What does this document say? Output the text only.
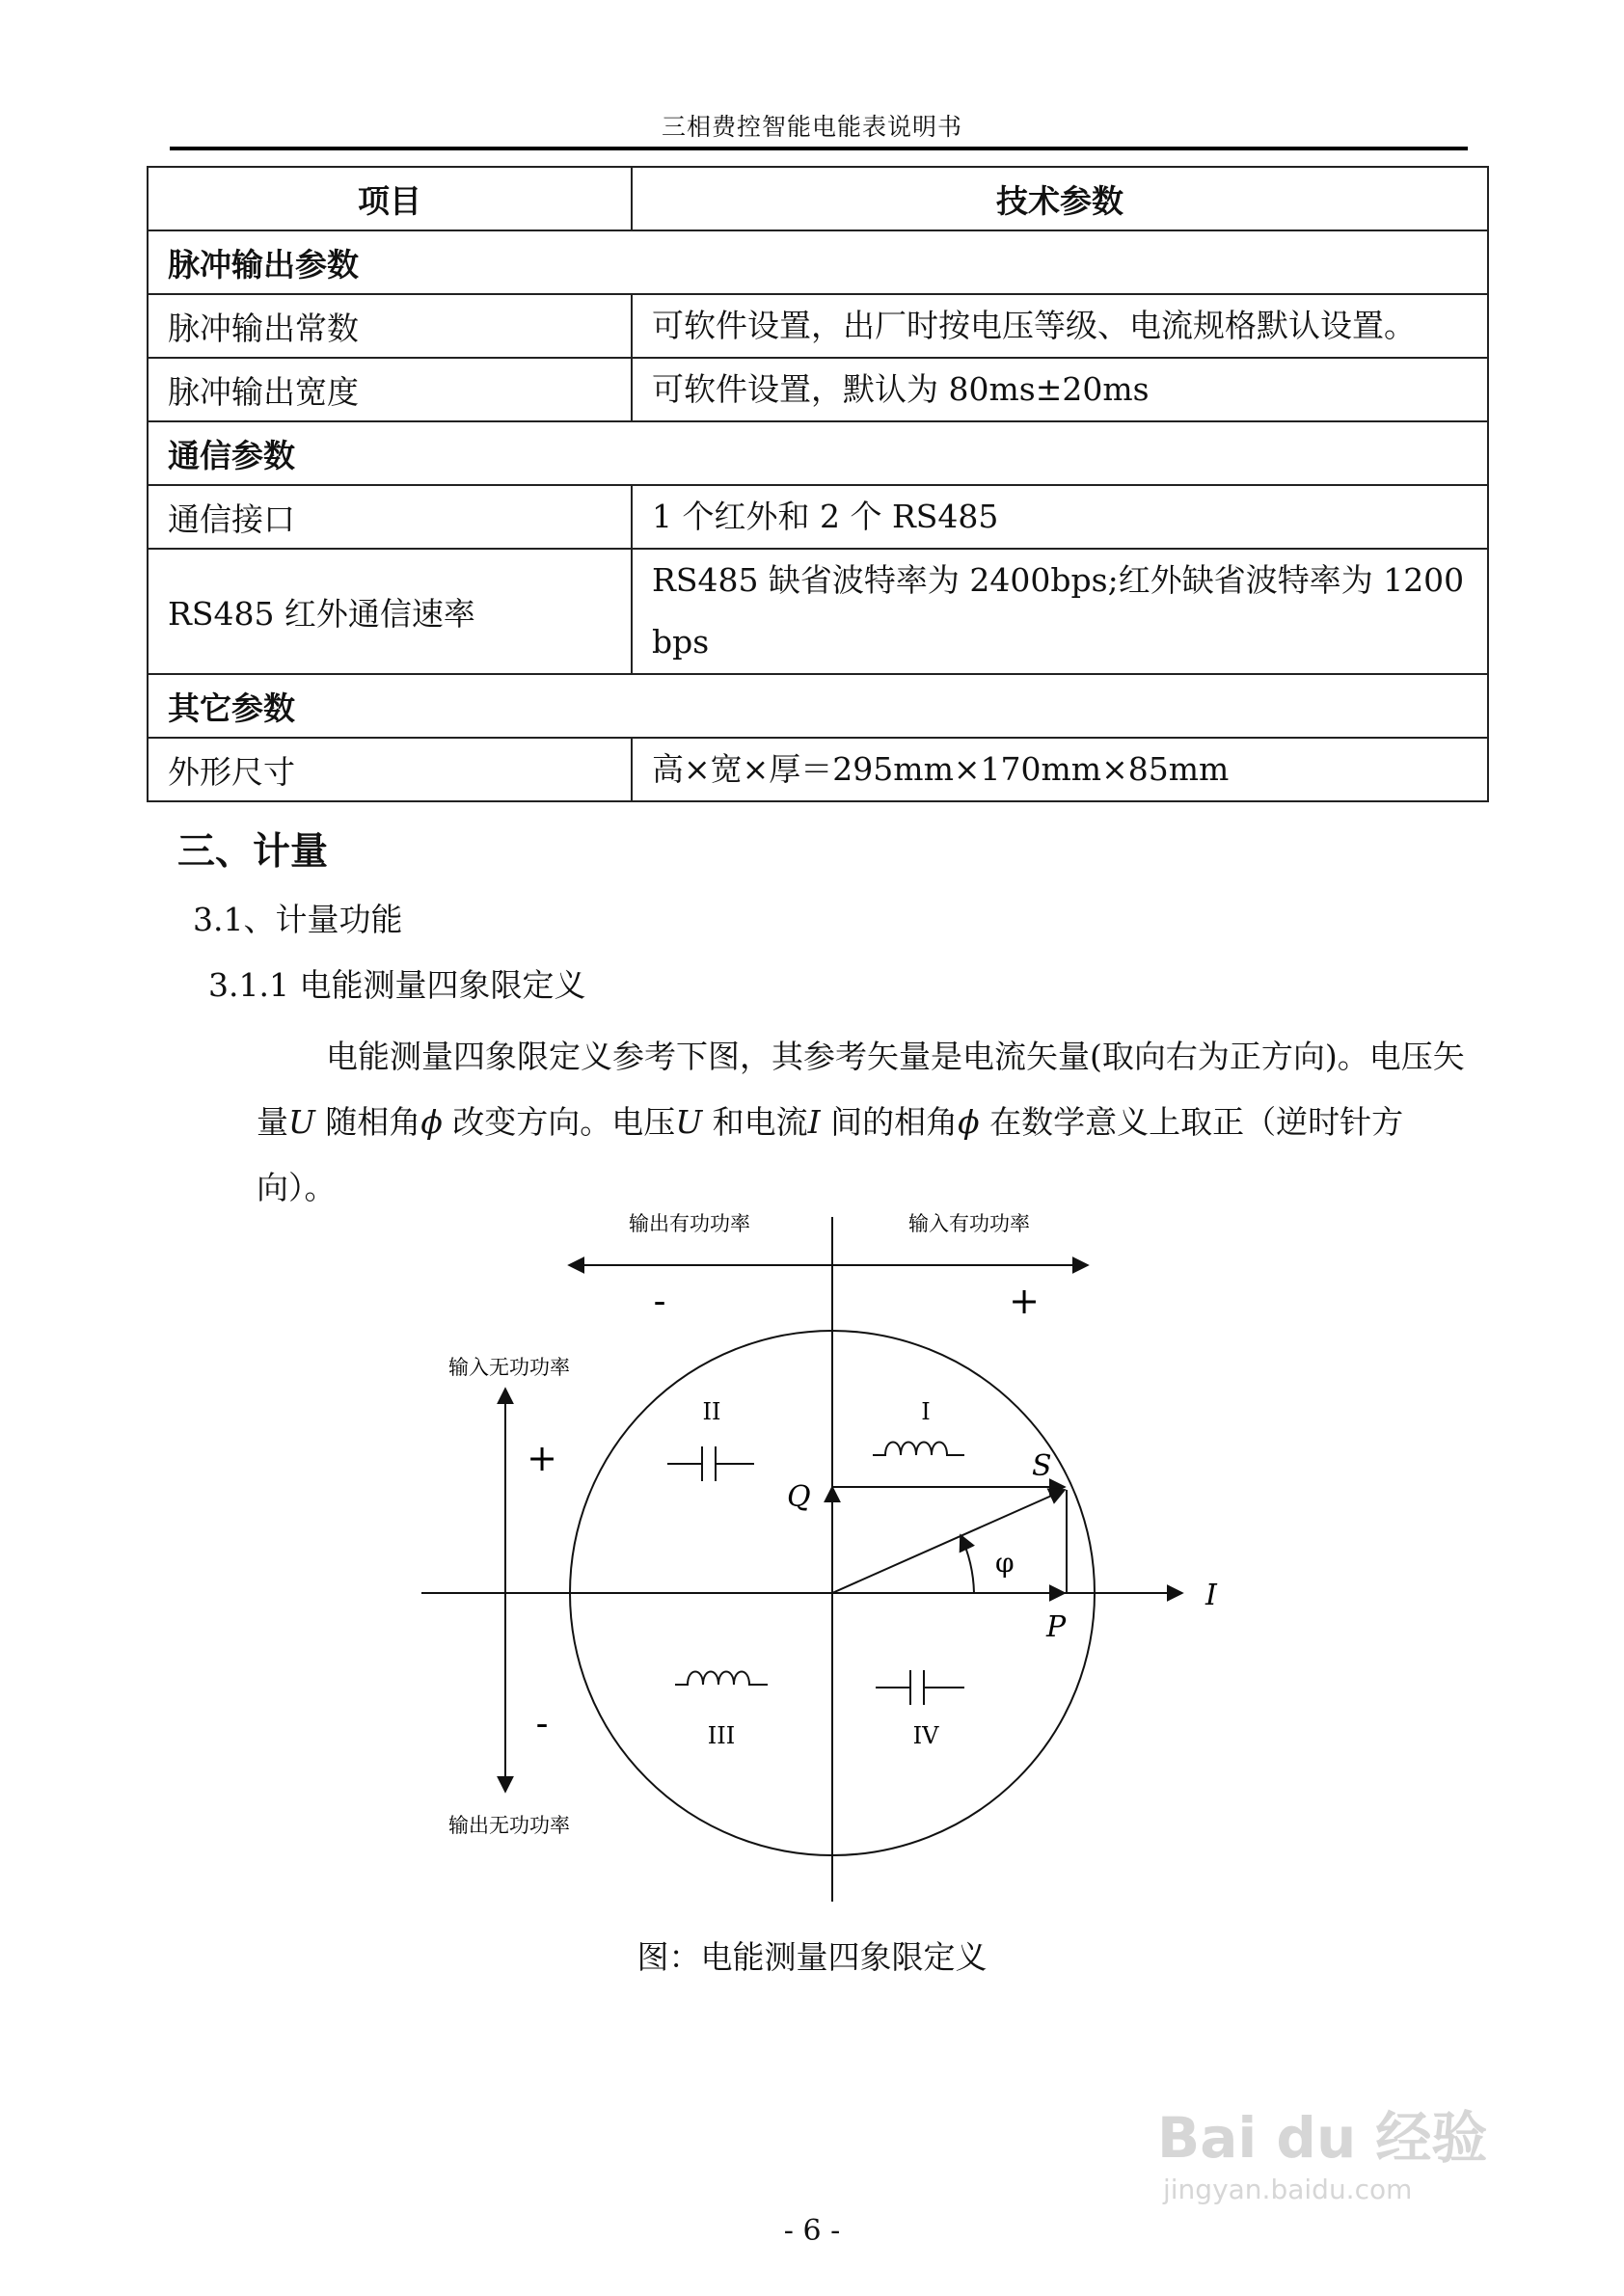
三相费控智能电能表说明书
项目	技术参数
脉冲输出参数	
脉冲输出常数	可软件设置，出厂时按电压等级、电流规格默认设置。
脉冲输出宽度	可软件设置，默认为 80ms±20ms
通信参数	
通信接口	1 个红外和 2 个 RS485
RS485 红外通信速率	RS485 缺省波特率为 2400bps;红外缺省波特率为 1200
bps

其它参数	
外形尺寸	高×宽×厚＝295mm×170mm×85mm
三、计量
3.1、计量功能
3.1.1 电能测量四象限定义
电能测量四象限定义参考下图，其参考矢量是电流矢量(取向右为正方向)。电压矢量U 随相角ϕ 改变方向。电压U 和电流I 间的相角ϕ 在数学意义上取正（逆时针方向）。
输出有功功率	输入有功功率
-	+
输入无功功率
输出无功功率
+
-
I
II
III	IV
S
Q
P
I
φ
图：电能测量四象限定义
Bai du 经验
jingyan.baidu.com
- 6 -
